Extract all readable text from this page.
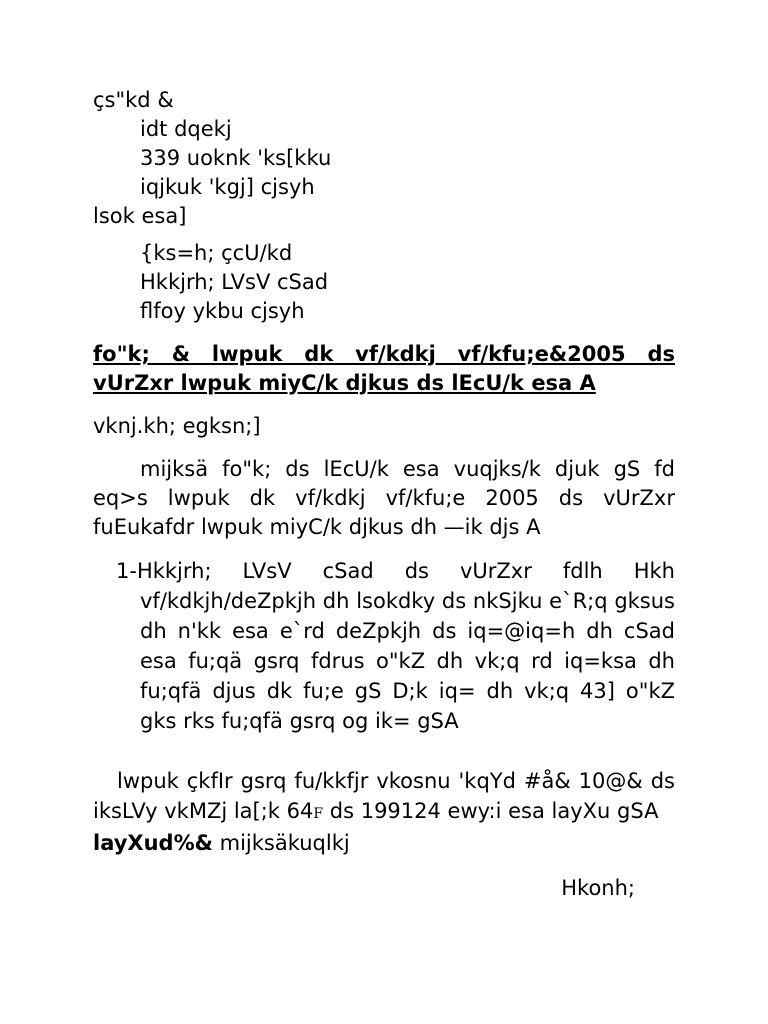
çs"kd &
idt dqekj
339 uoknk 'ks[kku
iqjkuk 'kgj] cjsyh
lsok esa]
{ks=h; çcU/kd
Hkkjrh; LVsV cSad
flfoy ykbu cjsyh
fo"k; & lwpuk dk vf/kdkj vf/kfu;e&2005 ds vUrZxr lwpuk miyC/k djkus ds lEcU/k esa A
vknj.kh; egksn;]
mijksä fo"k; ds lEcU/k esa vuqjks/k djuk gS fd eq>s lwpuk dk vf/kdkj vf/kfu;e 2005 ds vUrZxr fuEukafdr lwpuk miyC/k djkus dh —ik djs A
1-Hkkjrh; LVsV cSad ds vUrZxr fdlh Hkh vf/kdkjh/deZpkjh dh lsokdky ds nkSjku e`R;q gksus dh n'kk esa e`rd deZpkjh ds iq=@iq=h dh cSad esa fu;qä gsrq fdrus o"kZ dh vk;q rd iq=ksa dh fu;qfä djus dk fu;e gS D;k iq= dh vk;q 43] o"kZ gks rks fu;qfä gsrq og ik= gSA
lwpuk çkfIr gsrq fu/kkfjr vkosnu 'kqYd #å& 10@& ds iksLVy vkMZj la[;k 64F ds 199124 ewy:i esa layXu gSA
layXud%& mijksäkuqlkj
Hkonh;
